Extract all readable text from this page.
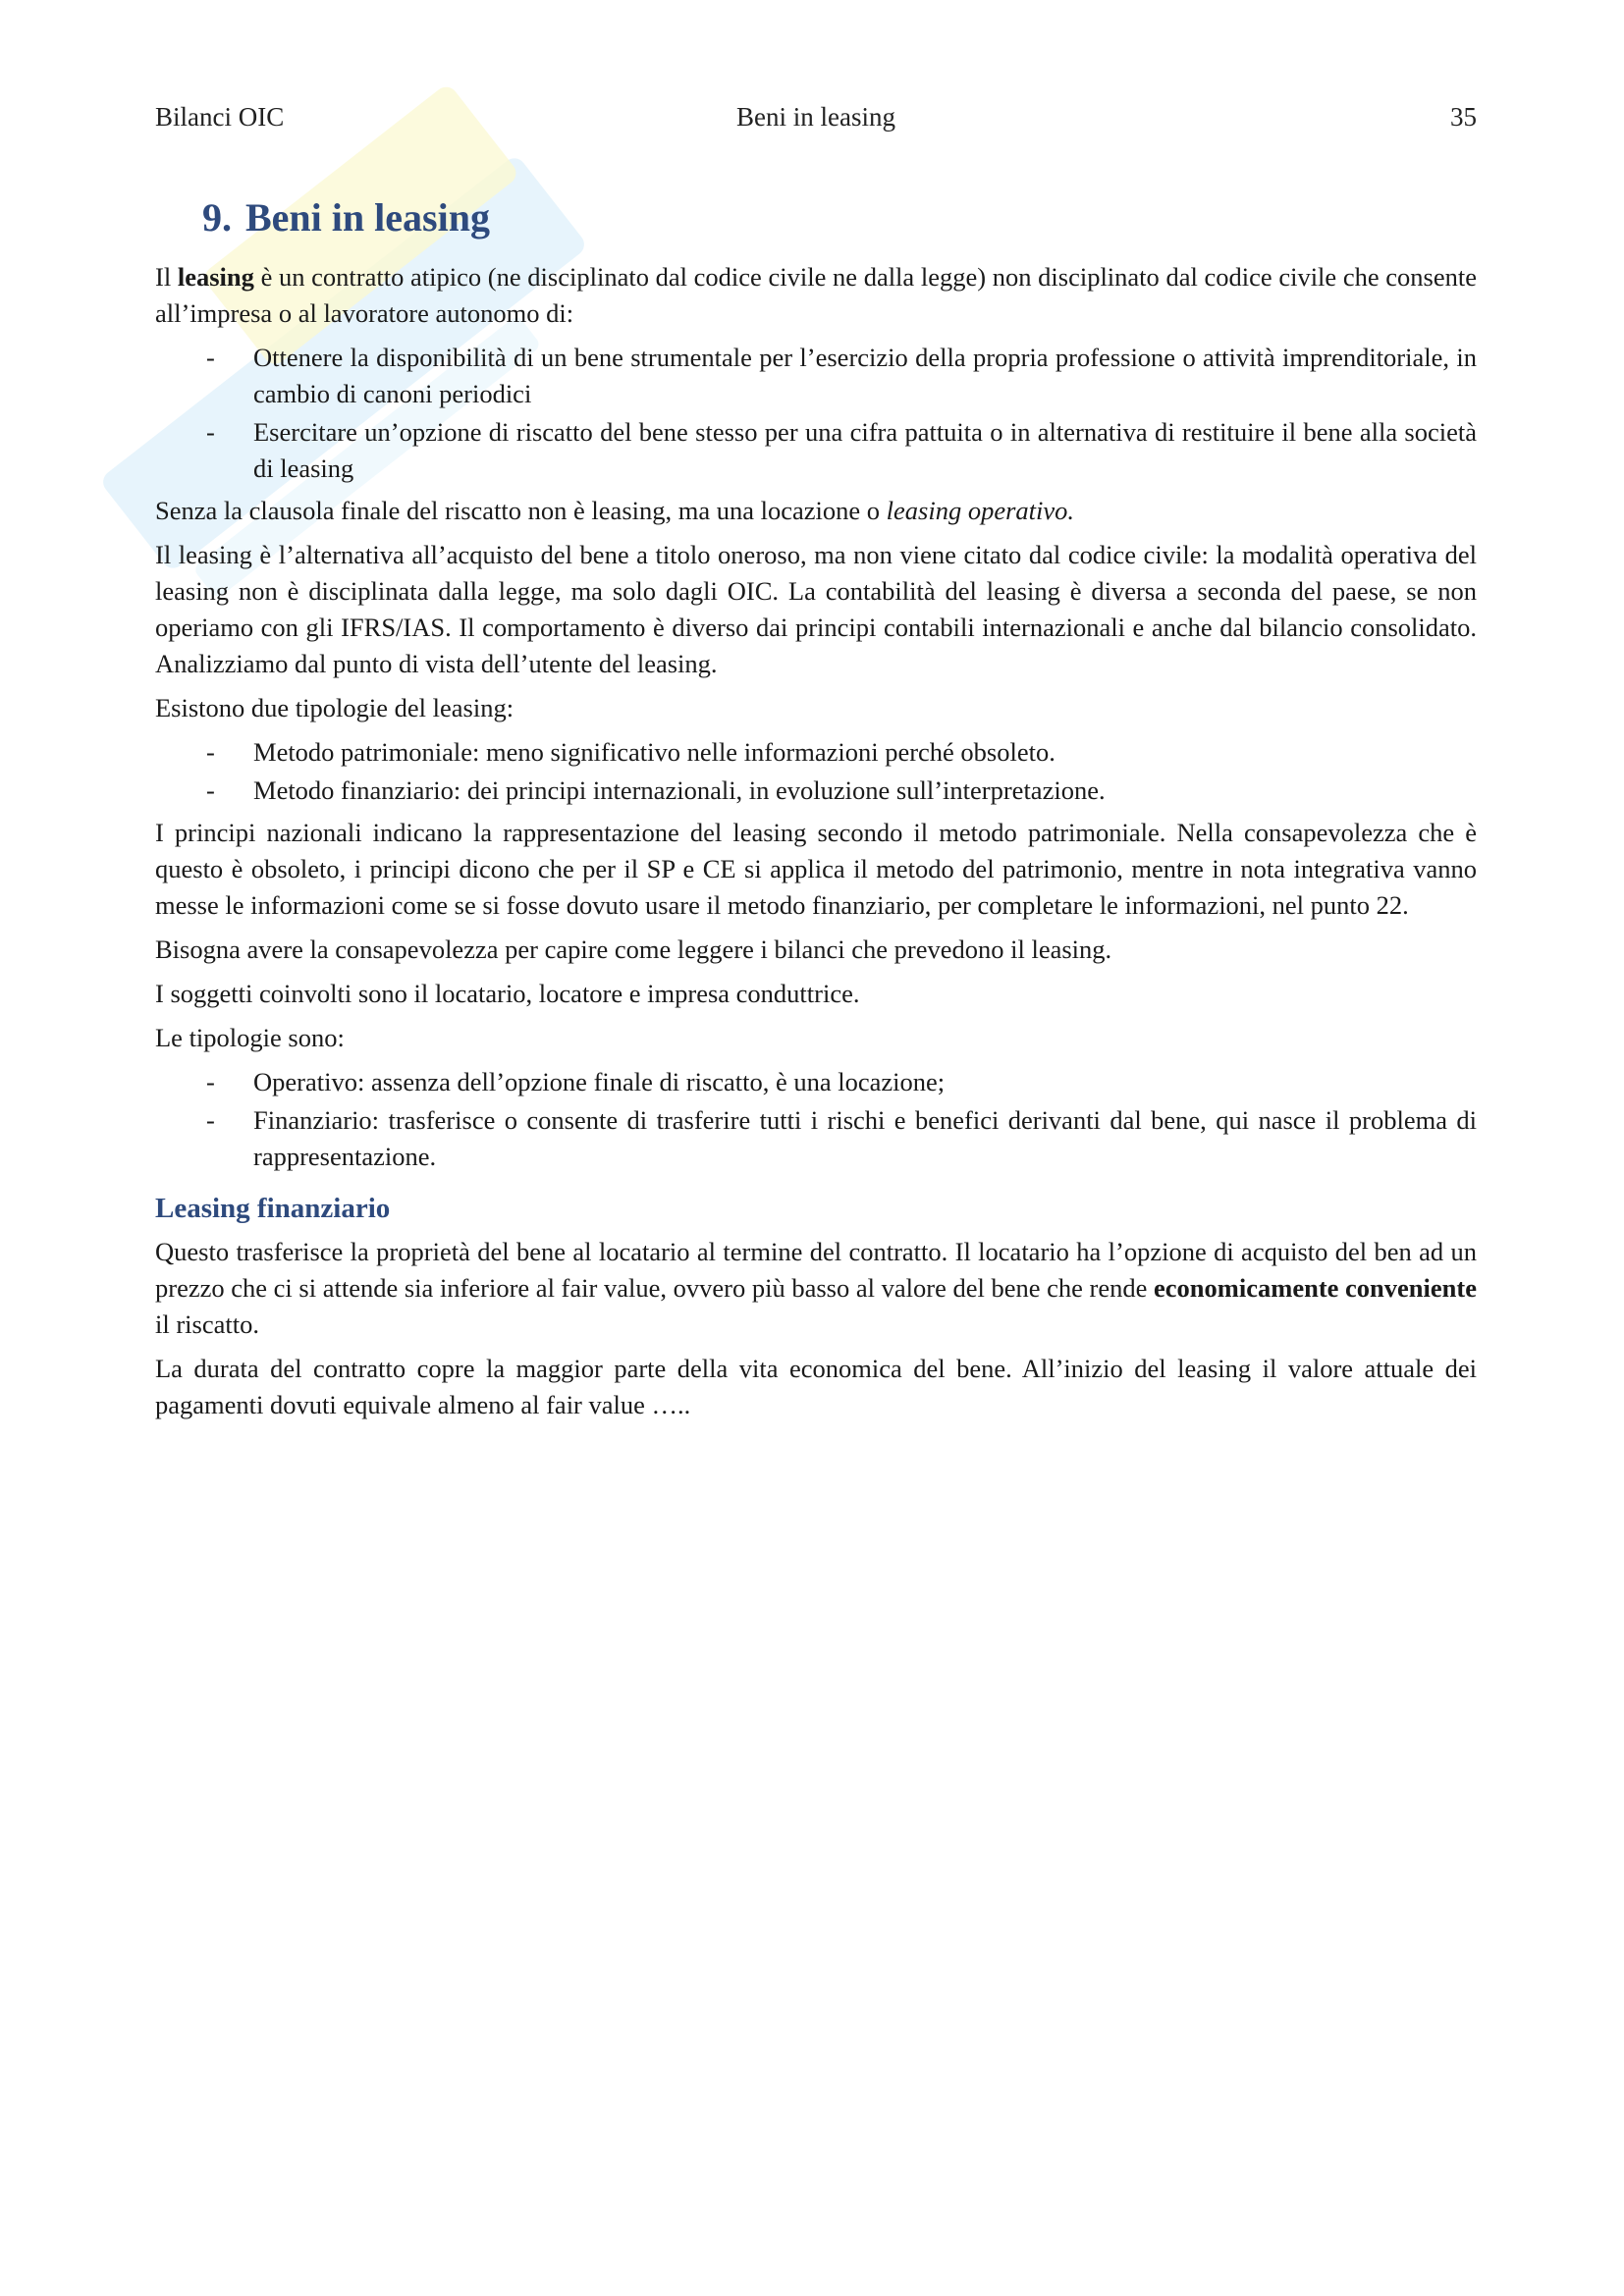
Bilanci OIC	Beni in leasing	35
9. Beni in leasing

Il leasing è un contratto atipico (ne disciplinato dal codice civile ne dalla legge) non disciplinato dal codice civile che consente all’impresa o al lavoratore autonomo di:

- Ottenere la disponibilità di un bene strumentale per l’esercizio della propria professione o attività imprenditoriale, in cambio di canoni periodici
- Esercitare un’opzione di riscatto del bene stesso per una cifra pattuita o in alternativa di restituire il bene alla società di leasing

Senza la clausola finale del riscatto non è leasing, ma una locazione o leasing operativo.

Il leasing è l’alternativa all’acquisto del bene a titolo oneroso, ma non viene citato dal codice civile: la modalità operativa del leasing non è disciplinata dalla legge, ma solo dagli OIC. La contabilità del leasing è diversa a seconda del paese, se non operiamo con gli IFRS/IAS. Il comportamento è diverso dai principi contabili internazionali e anche dal bilancio consolidato. Analizziamo dal punto di vista dell’utente del leasing.

Esistono due tipologie del leasing:

- Metodo patrimoniale: meno significativo nelle informazioni perché obsoleto.
- Metodo finanziario: dei principi internazionali, in evoluzione sull’interpretazione.

I principi nazionali indicano la rappresentazione del leasing secondo il metodo patrimoniale. Nella consapevolezza che è questo è obsoleto, i principi dicono che per il SP e CE si applica il metodo del patrimonio, mentre in nota integrativa vanno messe le informazioni come se si fosse dovuto usare il metodo finanziario, per completare le informazioni, nel punto 22.

Bisogna avere la consapevolezza per capire come leggere i bilanci che prevedono il leasing.

I soggetti coinvolti sono il locatario, locatore e impresa conduttrice.

Le tipologie sono:

- Operativo: assenza dell’opzione finale di riscatto, è una locazione;
- Finanziario: trasferisce o consente di trasferire tutti i rischi e benefici derivanti dal bene, qui nasce il problema di rappresentazione.
Leasing finanziario

Questo trasferisce la proprietà del bene al locatario al termine del contratto. Il locatario ha l’opzione di acquisto del ben ad un prezzo che ci si attende sia inferiore al fair value, ovvero più basso al valore del bene che rende economicamente conveniente il riscatto.

La durata del contratto copre la maggior parte della vita economica del bene. All’inizio del leasing il valore attuale dei pagamenti dovuti equivale almeno al fair value …..
